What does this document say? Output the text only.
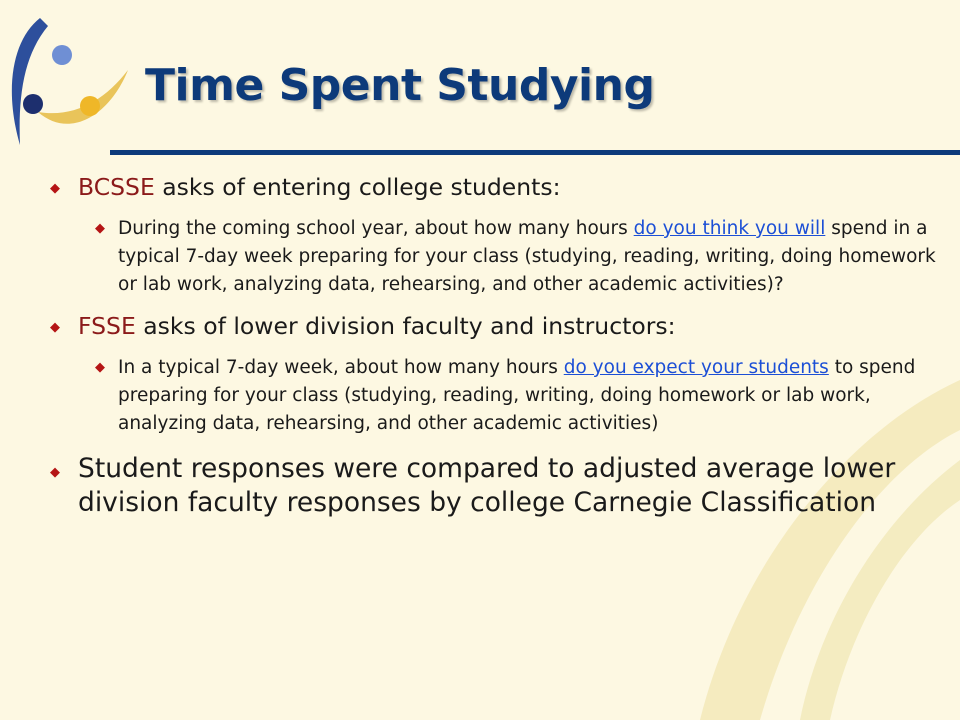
Time Spent Studying
◆ BCSSE asks of entering college students:
◆ During the coming school year, about how many hours do you think you will spend in a typical 7-day week preparing for your class (studying, reading, writing, doing homework or lab work, analyzing data, rehearsing, and other academic activities)?
◆ FSSE asks of lower division faculty and instructors:
◆ In a typical 7-day week, about how many hours do you expect your students to spend preparing for your class (studying, reading, writing, doing homework or lab work, analyzing data, rehearsing, and other academic activities)
◆ Student responses were compared to adjusted average lower division faculty responses by college Carnegie Classification
